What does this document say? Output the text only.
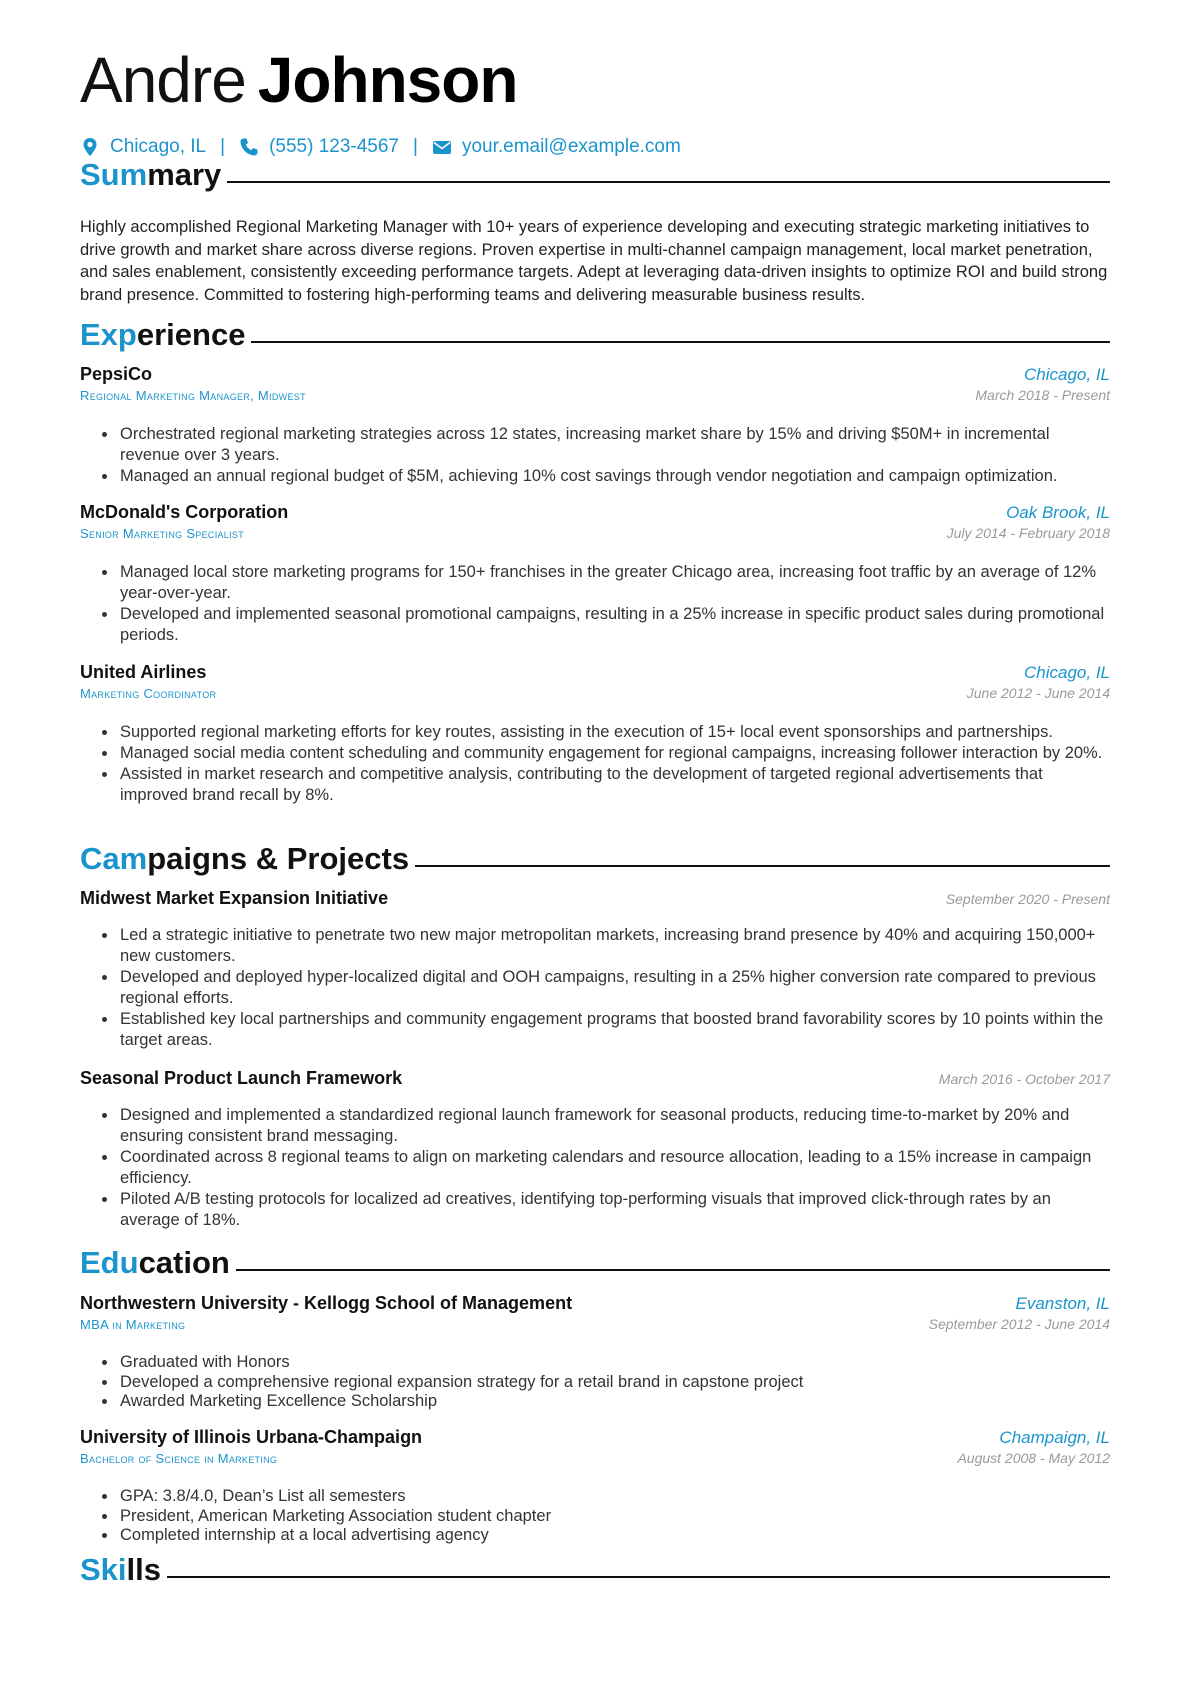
Andre Johnson
Chicago, IL | (555) 123-4567 | your.email@example.com
Summary

Highly accomplished Regional Marketing Manager with 10+ years of experience developing and executing strategic marketing initiatives to drive growth and market share across diverse regions. Proven expertise in multi-channel campaign management, local market penetration, and sales enablement, consistently exceeding performance targets. Adept at leveraging data-driven insights to optimize ROI and build strong brand presence. Committed to fostering high-performing teams and delivering measurable business results.

Experience
PepsiCo	Chicago, IL
Regional Marketing Manager, Midwest	March 2018 - Present
• Orchestrated regional marketing strategies across 12 states, increasing market share by 15% and driving $50M+ in incremental revenue over 3 years.
• Managed an annual regional budget of $5M, achieving 10% cost savings through vendor negotiation and campaign optimization.
McDonald's Corporation	Oak Brook, IL
Senior Marketing Specialist	July 2014 - February 2018
• Managed local store marketing programs for 150+ franchises in the greater Chicago area, increasing foot traffic by an average of 12% year-over-year.
• Developed and implemented seasonal promotional campaigns, resulting in a 25% increase in specific product sales during promotional periods.
United Airlines	Chicago, IL
Marketing Coordinator	June 2012 - June 2014
• Supported regional marketing efforts for key routes, assisting in the execution of 15+ local event sponsorships and partnerships.
• Managed social media content scheduling and community engagement for regional campaigns, increasing follower interaction by 20%.
• Assisted in market research and competitive analysis, contributing to the development of targeted regional advertisements that improved brand recall by 8%.
Campaigns & Projects
Midwest Market Expansion Initiative	September 2020 - Present
• Led a strategic initiative to penetrate two new major metropolitan markets, increasing brand presence by 40% and acquiring 150,000+ new customers.
• Developed and deployed hyper-localized digital and OOH campaigns, resulting in a 25% higher conversion rate compared to previous regional efforts.
• Established key local partnerships and community engagement programs that boosted brand favorability scores by 10 points within the target areas.
Seasonal Product Launch Framework	March 2016 - October 2017
• Designed and implemented a standardized regional launch framework for seasonal products, reducing time-to-market by 20% and ensuring consistent brand messaging.
• Coordinated across 8 regional teams to align on marketing calendars and resource allocation, leading to a 15% increase in campaign efficiency.
• Piloted A/B testing protocols for localized ad creatives, identifying top-performing visuals that improved click-through rates by an average of 18%.
Education
Northwestern University - Kellogg School of Management	Evanston, IL
MBA in Marketing	September 2012 - June 2014
• Graduated with Honors
• Developed a comprehensive regional expansion strategy for a retail brand in capstone project
• Awarded Marketing Excellence Scholarship
University of Illinois Urbana-Champaign	Champaign, IL
Bachelor of Science in Marketing	August 2008 - May 2012
• GPA: 3.8/4.0, Dean’s List all semesters
• President, American Marketing Association student chapter
• Completed internship at a local advertising agency
Skills
